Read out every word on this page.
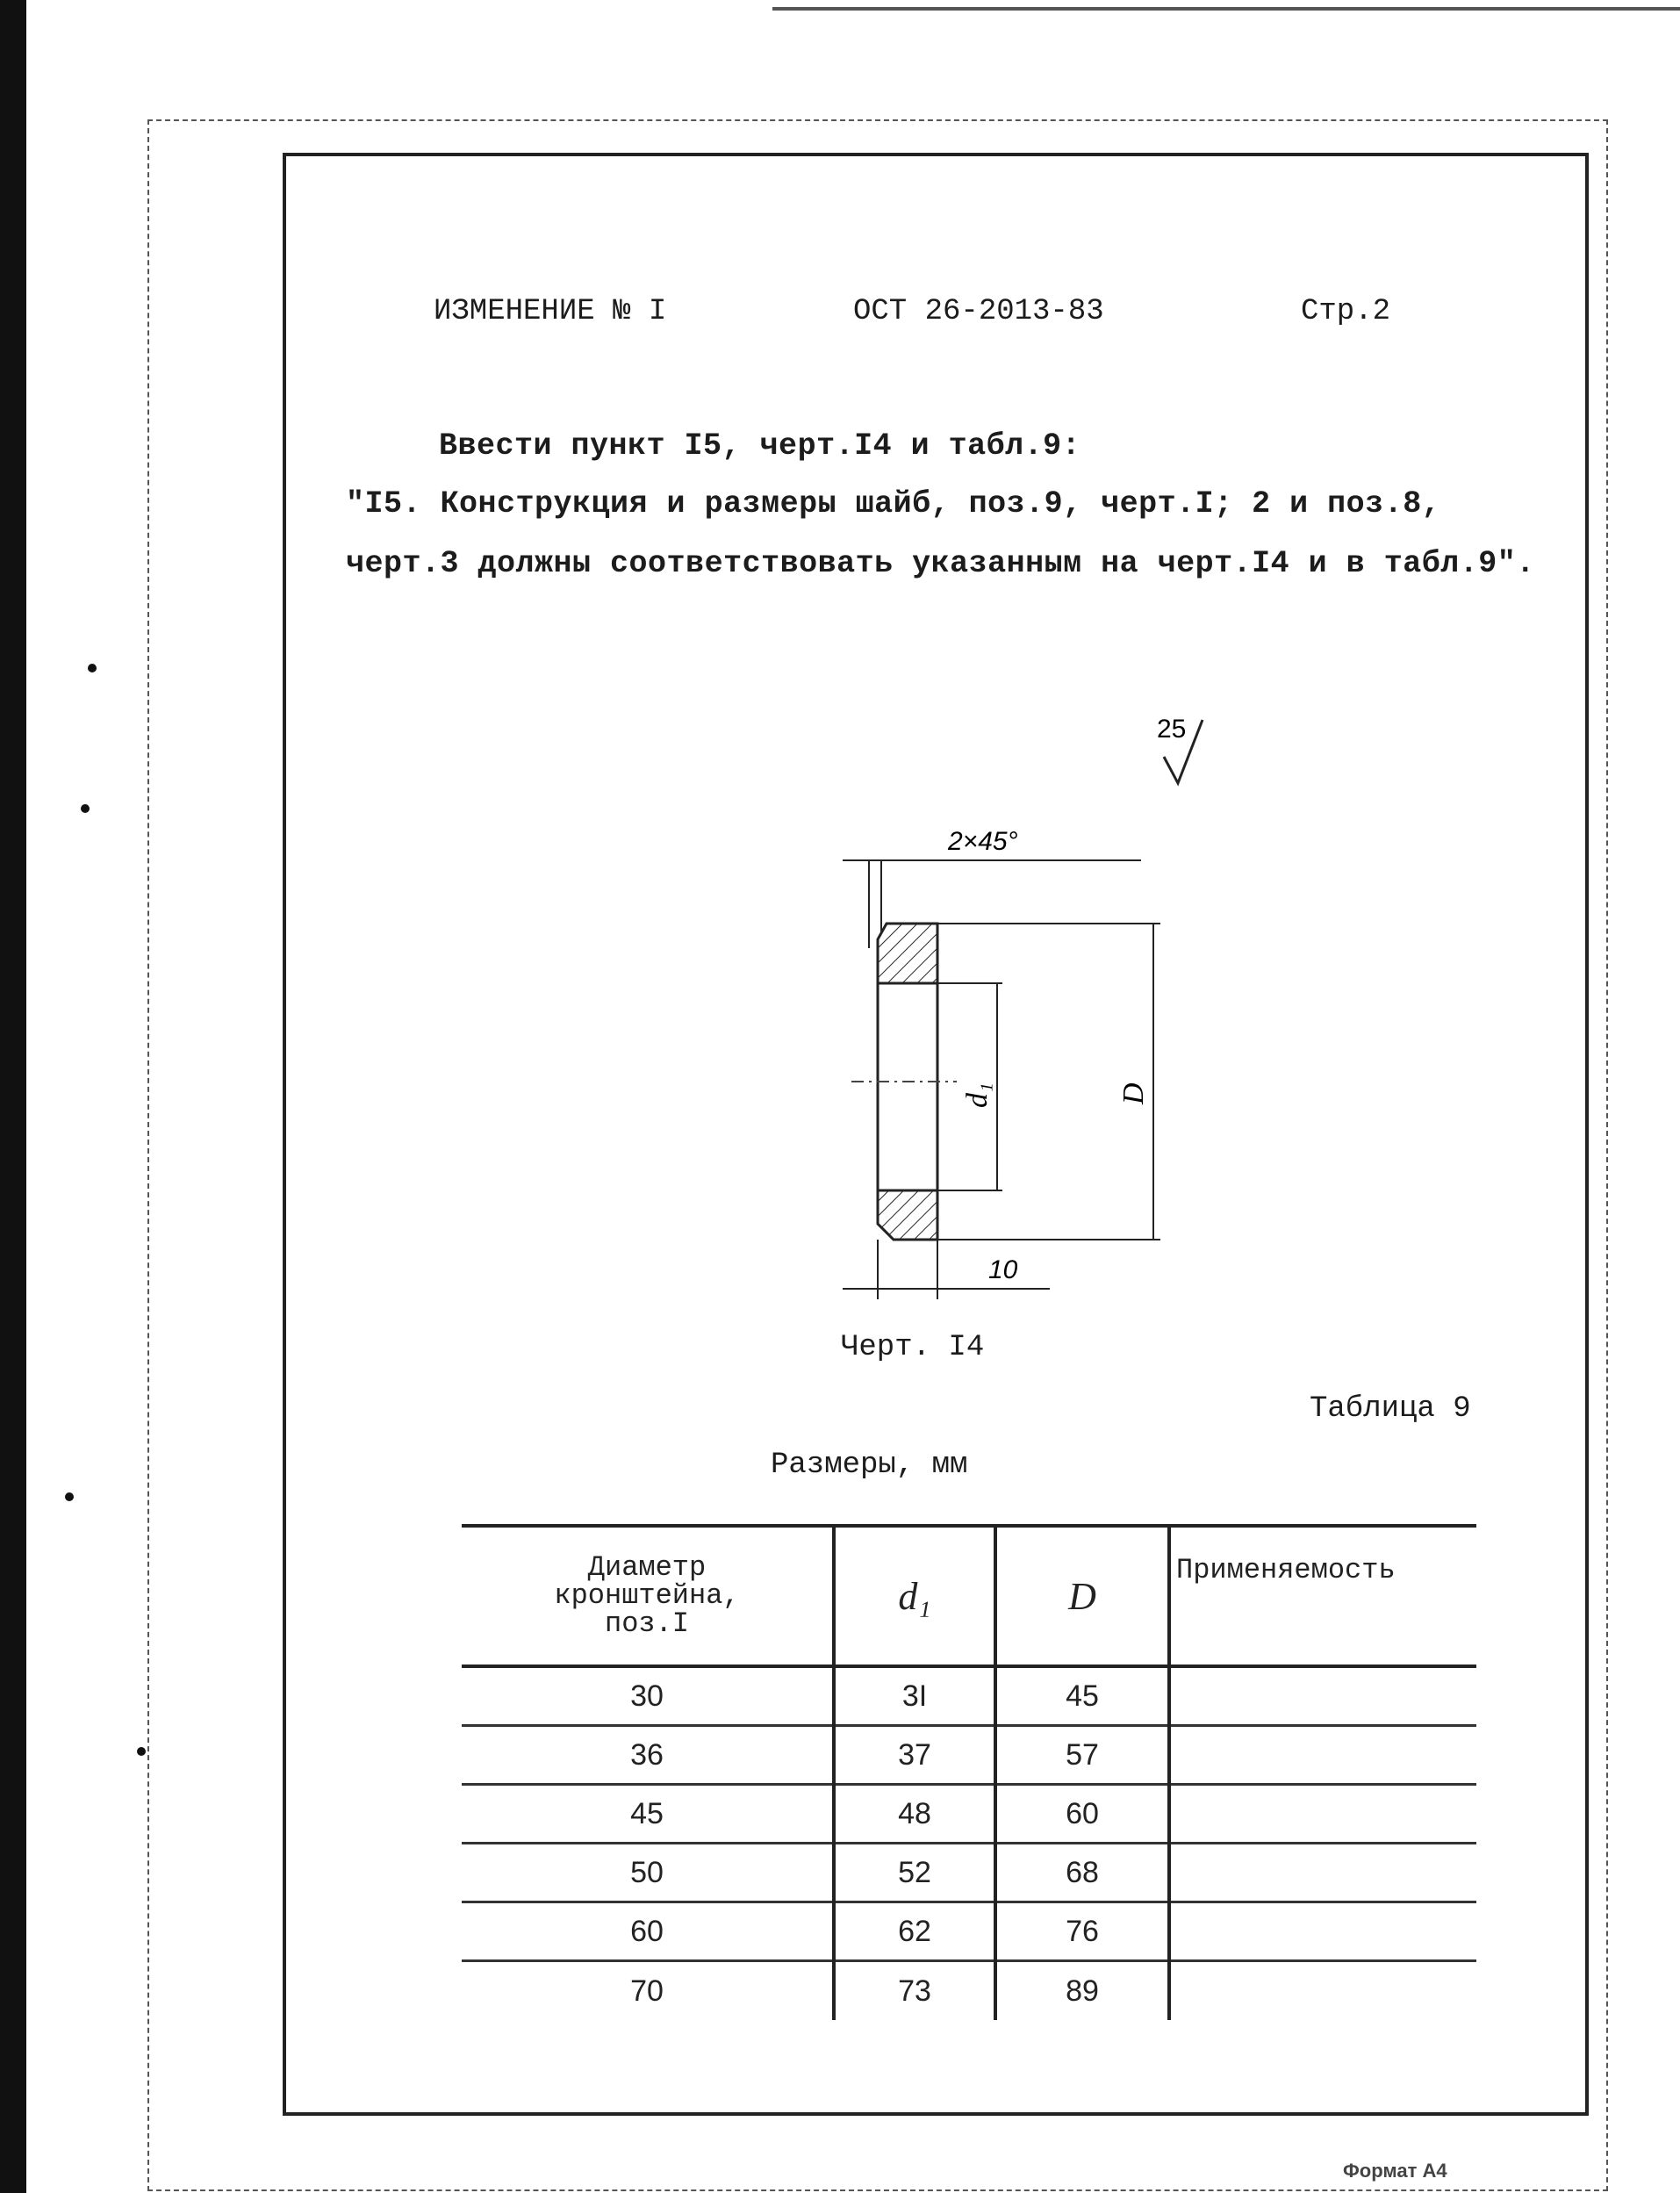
ИЗМЕНЕНИЕ № I	ОСТ 26-2013-83	Стр.2
Ввести пункт I5, черт.I4 и табл.9:
"I5. Конструкция и размеры шайб, поз.9, черт.I; 2 и поз.8,
черт.3 должны соответствовать указанным на черт.I4 и в табл.9".
25
2×45°
D
d₁
10
Черт. I4
Таблица 9
Размеры, мм
Диаметр
кронштейна,
поз.I	d₁	D	Применяемость
30	3I	45	
36	37	57	
45	48	60	
50	52	68	
60	62	76	
70	73	89	
Формат А4
